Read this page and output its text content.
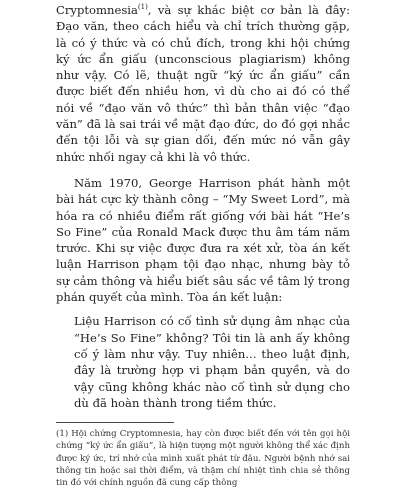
Cryptomnesia$^{(1)}$, và sự khác biệt cơ bản là đây: Đạo văn, theo cách hiểu và chỉ trích thường gặp, là có ý thức và có chủ đích, trong khi hội chứng ký ức ẩn giấu (unconscious plagiarism) không như vậy. Có lẽ, thuật ngữ “ký ức ẩn giấu” cần được biết đến nhiều hơn, vì dù cho ai đó có thể nói về “đạo văn vô thức” thì bản thân việc “đạo văn” đã là sai trái về mặt đạo đức, do đó gợi nhắc đến tội lỗi và sự gian dối, đến mức nó vẫn gây nhức nhối ngay cả khi là vô thức.

Năm 1970, George Harrison phát hành một bài hát cực kỳ thành công – “My Sweet Lord”, mà hóa ra có nhiều điểm rất giống với bài hát “He’s So Fine” của Ronald Mack được thu âm tám năm trước. Khi sự việc được đưa ra xét xử, tòa án kết luận Harrison phạm tội đạo nhạc, nhưng bày tỏ sự cảm thông và hiểu biết sâu sắc về tâm lý trong phán quyết của mình. Tòa án kết luận:

Liệu Harrison có cố tình sử dụng âm nhạc của “He’s So Fine” không? Tôi tin là anh ấy không cố ý làm như vậy. Tuy nhiên... theo luật định, đây là trường hợp vi phạm bản quyền, và do vậy cũng không khác nào cố tình sử dụng cho dù đã hoàn thành trong tiềm thức.

(1) Hội chứng Cryptomnesia, hay còn được biết đến với tên gọi hội chứng “ký ức ẩn giấu”, là hiện tượng một người không thể xác định được ký ức, trí nhớ của mình xuất phát từ đâu. Người bệnh nhớ sai thông tin hoặc sai thời điểm, và thậm chí nhiệt tình chia sẻ thông tin đó với chính nguồn đã cung cấp thông
